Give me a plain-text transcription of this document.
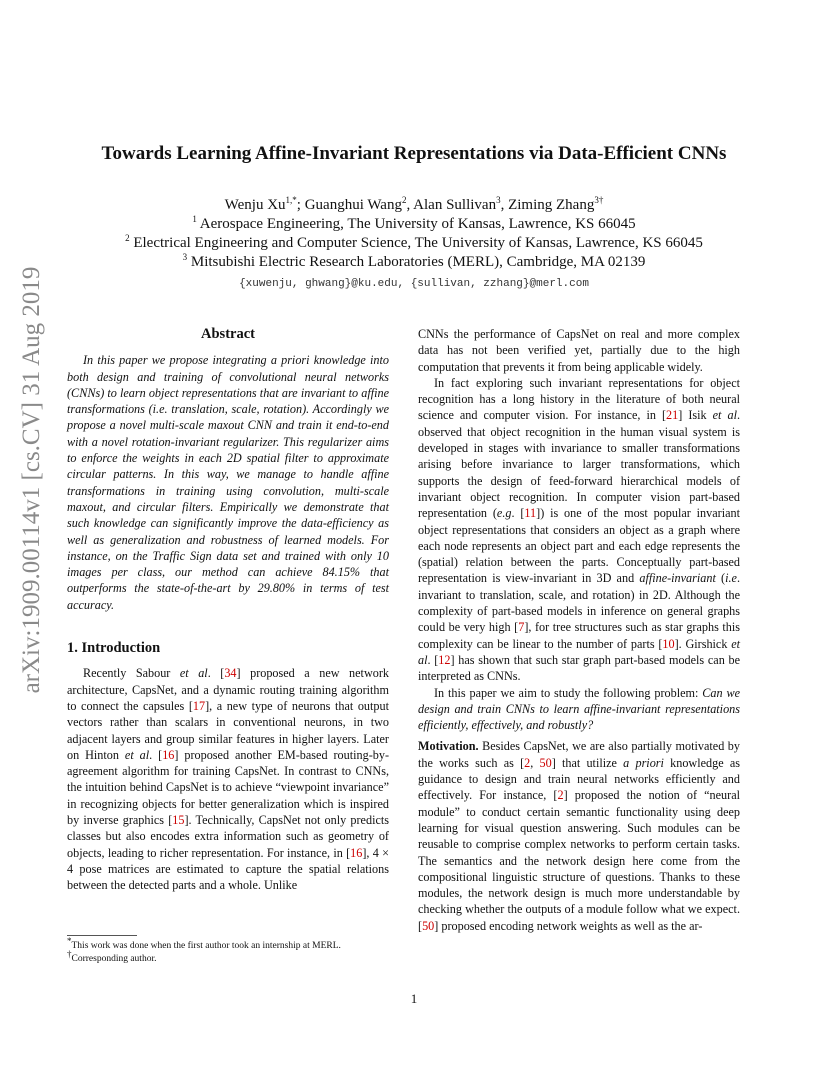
arXiv:1909.00114v1 [cs.CV] 31 Aug 2019
Towards Learning Affine-Invariant Representations via Data-Efficient CNNs
Wenju $Xu^{1,*}$; Guanghui Wang$^2$, Alan Sullivan$^3$, Ziming Zhang$^{3\dagger}$
$^1$ Aerospace Engineering, The University of Kansas, Lawrence, KS 66045
$^2$ Electrical Engineering and Computer Science, The University of Kansas, Lawrence, KS 66045
$^3$ Mitsubishi Electric Research Laboratories (MERL), Cambridge, MA 02139
{xuwenju, ghwang}@ku.edu, {sullivan, zzhang}@merl.com
Abstract

In this paper we propose integrating a priori knowledge into both design and training of convolutional neural networks (CNNs) to learn object representations that are invariant to affine transformations (i.e. translation, scale, rotation). Accordingly we propose a novel multi-scale maxout CNN and train it end-to-end with a novel rotation-invariant regularizer. This regularizer aims to enforce the weights in each 2D spatial filter to approximate circular patterns. In this way, we manage to handle affine transformations in training using convolution, multi-scale maxout, and circular filters. Empirically we demonstrate that such knowledge can significantly improve the data-efficiency as well as generalization and robustness of learned models. For instance, on the Traffic Sign data set and trained with only 10 images per class, our method can achieve 84.15% that outperforms the state-of-the-art by 29.80% in terms of test accuracy.

1. Introduction

Recently Sabour et al. [34] proposed a new network architecture, CapsNet, and a dynamic routing training algorithm to connect the capsules [17], a new type of neurons that output vectors rather than scalars in conventional neurons, in two adjacent layers and group similar features in higher layers. Later on Hinton et al. [16] proposed another EM-based routing-by-agreement algorithm for training CapsNet. In contrast to CNNs, the intuition behind CapsNet is to achieve “viewpoint invariance” in recognizing objects for better generalization which is inspired by inverse graphics [15]. Technically, CapsNet not only predicts classes but also encodes extra information such as geometry of objects, leading to richer representation. For instance, in [16], 4 × 4 pose matrices are estimated to capture the spatial relations between the detected parts and a whole. Unlike

*This work was done when the first author took an internship at MERL.
†Corresponding author.

CNNs the performance of CapsNet on real and more complex data has not been verified yet, partially due to the high computation that prevents it from being applicable widely.

In fact exploring such invariant representations for object recognition has a long history in the literature of both neural science and computer vision. For instance, in [21] Isik et al. observed that object recognition in the human visual system is developed in stages with invariance to smaller transformations arising before invariance to larger transformations, which supports the design of feed-forward hierarchical models of invariant object recognition. In computer vision part-based representation (e.g. [11]) is one of the most popular invariant object representations that considers an object as a graph where each node represents an object part and each edge represents the (spatial) relation between the parts. Conceptually part-based representation is view-invariant in 3D and affine-invariant (i.e. invariant to translation, scale, and rotation) in 2D. Although the complexity of part-based models in inference on general graphs could be very high [7], for tree structures such as star graphs this complexity can be linear to the number of parts [10]. Girshick et al. [12] has shown that such star graph part-based models can be interpreted as CNNs.

In this paper we aim to study the following problem: Can we design and train CNNs to learn affine-invariant representations efficiently, effectively, and robustly?

Motivation. Besides CapsNet, we are also partially motivated by the works such as [2, 50] that utilize a priori knowledge as guidance to design and train neural networks efficiently and effectively. For instance, [2] proposed the notion of “neural module” to conduct certain semantic functionality using deep learning for visual question answering. Such modules can be reusable to comprise complex networks to perform certain tasks. The semantics and the network design here come from the compositional linguistic structure of questions. Thanks to these modules, the network design is much more understandable by checking whether the outputs of a module follow what we expect. [50] proposed encoding network weights as well as the ar-

1
